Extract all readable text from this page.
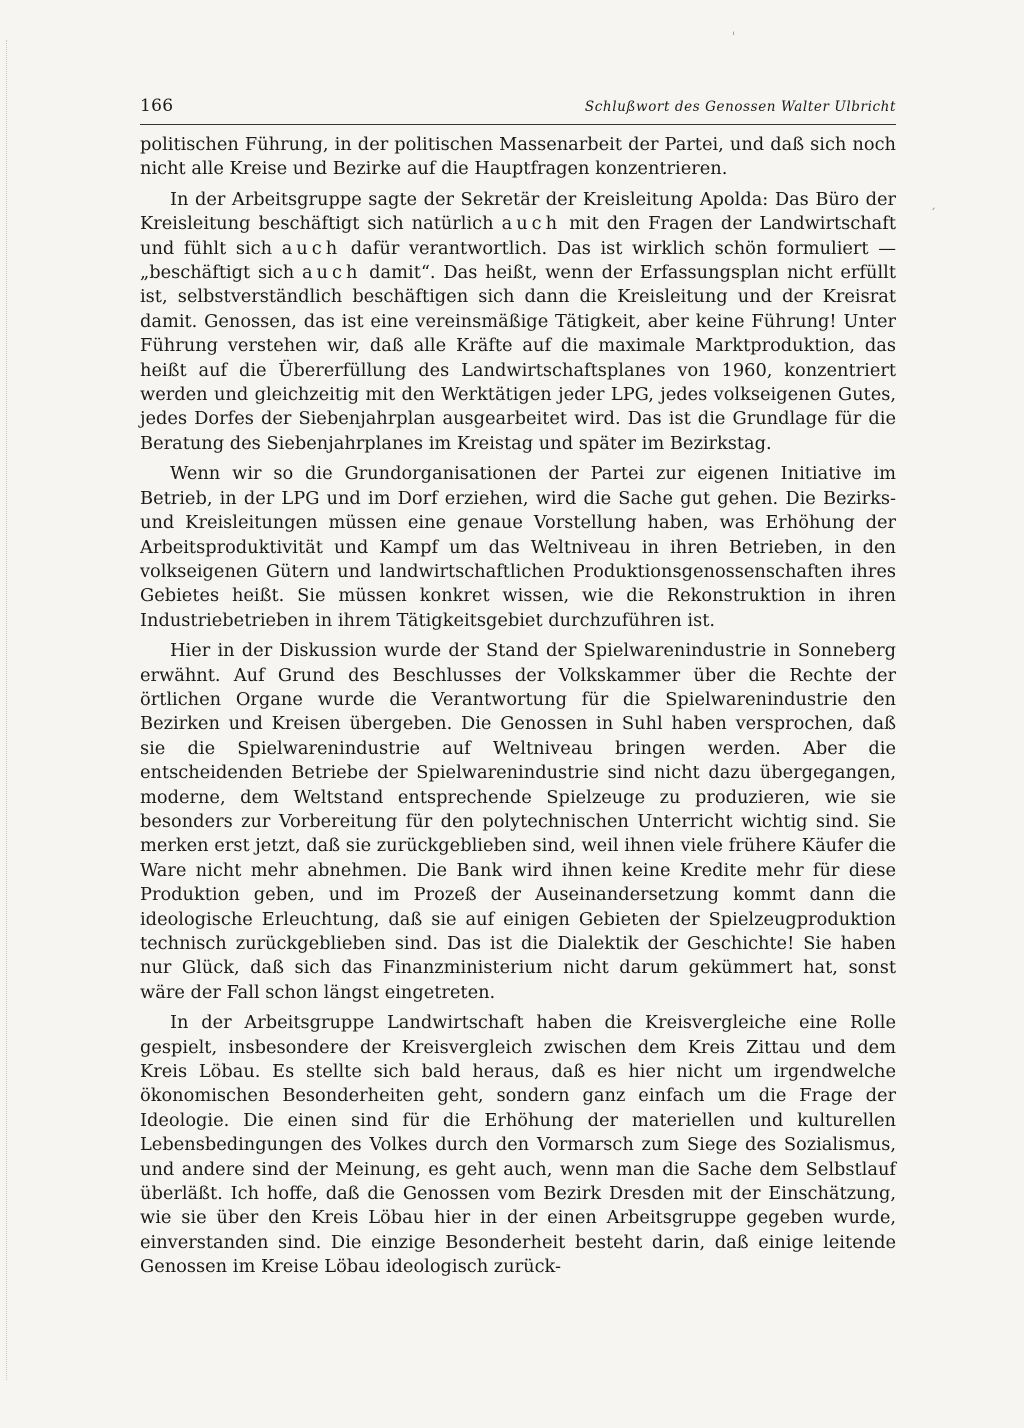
ˌ
ˏ
166	Schlußwort des Genossen Walter Ulbricht

politischen Führung, in der politischen Massenarbeit der Partei, und daß sich noch nicht alle Kreise und Bezirke auf die Hauptfragen konzentrieren.

In der Arbeitsgruppe sagte der Sekretär der Kreisleitung Apolda: Das Büro der Kreisleitung beschäftigt sich natürlich auch mit den Fragen der Landwirtschaft und fühlt sich auch dafür verantwortlich. Das ist wirklich schön formuliert — „beschäftigt sich auch damit“. Das heißt, wenn der Erfassungsplan nicht erfüllt ist, selbstverständlich beschäftigen sich dann die Kreisleitung und der Kreisrat damit. Genossen, das ist eine vereinsmäßige Tätigkeit, aber keine Führung! Unter Führung verstehen wir, daß alle Kräfte auf die maximale Marktproduktion, das heißt auf die Übererfüllung des Landwirtschaftsplanes von 1960, konzentriert werden und gleichzeitig mit den Werktätigen jeder LPG, jedes volkseigenen Gutes, jedes Dorfes der Siebenjahrplan ausgearbeitet wird. Das ist die Grundlage für die Beratung des Siebenjahrplanes im Kreistag und später im Bezirkstag.

Wenn wir so die Grundorganisationen der Partei zur eigenen Initiative im Betrieb, in der LPG und im Dorf erziehen, wird die Sache gut gehen. Die Bezirks- und Kreisleitungen müssen eine genaue Vorstellung haben, was Erhöhung der Arbeitsproduktivität und Kampf um das Weltniveau in ihren Betrieben, in den volkseigenen Gütern und landwirtschaftlichen Produktionsgenossenschaften ihres Gebietes heißt. Sie müssen konkret wissen, wie die Rekonstruktion in ihren Industriebetrieben in ihrem Tätigkeitsgebiet durchzuführen ist.

Hier in der Diskussion wurde der Stand der Spielwarenindustrie in Sonneberg erwähnt. Auf Grund des Beschlusses der Volkskammer über die Rechte der örtlichen Organe wurde die Verantwortung für die Spielwarenindustrie den Bezirken und Kreisen übergeben. Die Genossen in Suhl haben versprochen, daß sie die Spielwarenindustrie auf Weltniveau bringen werden. Aber die entscheidenden Betriebe der Spielwarenindustrie sind nicht dazu übergegangen, moderne, dem Weltstand entsprechende Spielzeuge zu produzieren, wie sie besonders zur Vorbereitung für den polytechnischen Unterricht wichtig sind. Sie merken erst jetzt, daß sie zurückgeblieben sind, weil ihnen viele frühere Käufer die Ware nicht mehr abnehmen. Die Bank wird ihnen keine Kredite mehr für diese Produktion geben, und im Prozeß der Auseinandersetzung kommt dann die ideologische Erleuchtung, daß sie auf einigen Gebieten der Spielzeugproduktion technisch zurückgeblieben sind. Das ist die Dialektik der Geschichte! Sie haben nur Glück, daß sich das Finanzministerium nicht darum gekümmert hat, sonst wäre der Fall schon längst eingetreten.

In der Arbeitsgruppe Landwirtschaft haben die Kreisvergleiche eine Rolle gespielt, insbesondere der Kreisvergleich zwischen dem Kreis Zittau und dem Kreis Löbau. Es stellte sich bald heraus, daß es hier nicht um irgendwelche ökonomischen Besonderheiten geht, sondern ganz einfach um die Frage der Ideologie. Die einen sind für die Erhöhung der materiellen und kulturellen Lebensbedingungen des Volkes durch den Vormarsch zum Siege des Sozialismus, und andere sind der Meinung, es geht auch, wenn man die Sache dem Selbstlauf überläßt. Ich hoffe, daß die Genossen vom Bezirk Dresden mit der Einschätzung, wie sie über den Kreis Löbau hier in der einen Arbeitsgruppe gegeben wurde, einverstanden sind. Die einzige Besonderheit besteht darin, daß einige leitende Genossen im Kreise Löbau ideologisch zurück-
